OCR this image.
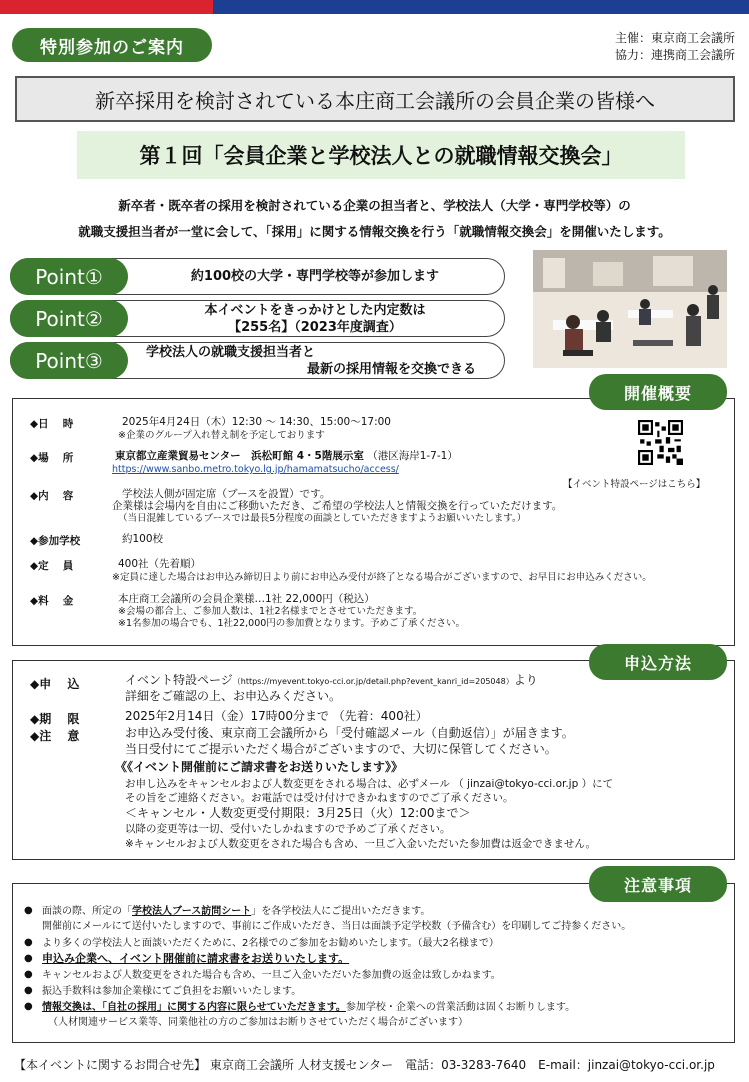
特別参加のご案内	主催：東京商工会議所
協力：連携商工会議所
新卒採用を検討されている本庄商工会議所の会員企業の皆様へ
第１回「会員企業と学校法人との就職情報交換会」
新卒者・既卒者の採用を検討されている企業の担当者と、学校法人（大学・専門学校等）の
就職支援担当者が一堂に会して、「採用」に関する情報交換を行う「就職情報交換会」を開催いたします。
Point①	約100校の大学・専門学校等が参加します
Point②	本イベントをきっかけとした内定数は
【255名】（2023年度調査）
Point③	学校法人の就職支援担当者と
最新の採用情報を交換できる
開催概要
◆日　 時	2025年4月24日（木）12:30 ～ 14:30、15:00～17:00
※企業のグループ入れ替え制を予定しております
◆場　 所	東京都立産業貿易センター　浜松町館 4・5階展示室 （港区海岸1-7-1）
https://www.sanbo.metro.tokyo.lg.jp/hamamatsucho/access/
【イベント特設ページはこちら】
◆内　 容	学校法人側が固定席（ブースを設置）です。
企業様は会場内を自由にご移動いただき、ご希望の学校法人と情報交換を行っていただけます。
（当日混雑しているブースでは最長5分程度の面談としていただきますようお願いいたします。）
◆参加学校	約100校
◆定　 員	400社（先着順）
※定員に達した場合はお申込み締切日より前にお申込み受付が終了となる場合がございますので、お早目にお申込みください。
◆料　 金	本庄商工会議所の会員企業様…1社 22,000円（税込）
※会場の都合上、ご参加人数は、1社2名様までとさせていただきます。
※1名参加の場合でも、1社22,000円の参加費となります。予めご了承ください。
申込方法
◆申　 込	イベント特設ページ（https://myevent.tokyo-cci.or.jp/detail.php?event_kanri_id=205048）より
詳細をご確認の上、お申込みください。
◆期　 限	2025年2月14日（金）17時00分まで （先着：400社）
◆注　 意	お申込み受付後、東京商工会議所から「受付確認メール（自動返信）」が届きます。
当日受付にてご提示いただく場合がございますので、大切に保管してください。
《《イベント開催前にご請求書をお送りいたします》》
お申し込みをキャンセルおよび人数変更をされる場合は、必ずメール （ jinzai@tokyo-cci.or.jp ）にて
その旨をご連絡ください。お電話では受け付けできかねますのでご了承ください。
＜キャンセル・人数変更受付期限：3月25日（火）12:00まで＞
以降の変更等は一切、受付いたしかねますので予めご了承ください。
※キャンセルおよび人数変更をされた場合も含め、一旦ご入金いただいた参加費は返金できません。
注意事項
● 面談の際、所定の「学校法人ブース訪問シート」を各学校法人にご提出いただきます。
開催前にメールにて送付いたしますので、事前にご作成いただき、当日は面談予定学校数（予備含む）を印刷してご持参ください。
● より多くの学校法人と面談いただくために、2名様でのご参加をお勧めいたします。（最大2名様まで）
● 申込み企業へ、イベント開催前に請求書をお送りいたします。
● キャンセルおよび人数変更をされた場合も含め、一旦ご入金いただいた参加費の返金は致しかねます。
● 振込手数料は参加企業様にてご負担をお願いいたします。
● 情報交換は、「自社の採用」に関する内容に限らせていただきます。参加学校・企業への営業活動は固くお断りします。
（人材関連サービス業等、同業他社の方のご参加はお断りさせていただく場合がございます）
【本イベントに関するお問合せ先】 東京商工会議所 人材支援センター　電話：03-3283-7640　E-mail：jinzai@tokyo-cci.or.jp
